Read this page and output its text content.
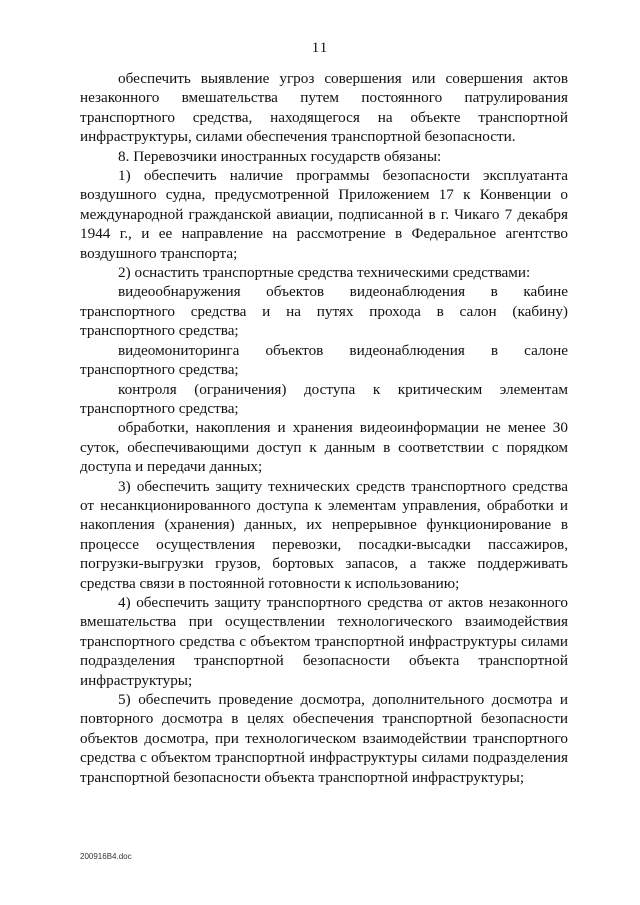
11

обеспечить выявление угроз совершения или совершения актов незаконного вмешательства путем постоянного патрулирования транспортного средства, находящегося на объекте транспортной инфраструктуры, силами обеспечения транспортной безопасности.

8. Перевозчики иностранных государств обязаны:

1) обеспечить наличие программы безопасности эксплуатанта воздушного судна, предусмотренной Приложением 17 к Конвенции о международной гражданской авиации, подписанной в г. Чикаго 7 декабря 1944 г., и ее направление на рассмотрение в Федеральное агентство воздушного транспорта;

2) оснастить транспортные средства техническими средствами:

видеообнаружения объектов видеонаблюдения в кабине транспортного средства и на путях прохода в салон (кабину) транспортного средства;

видеомониторинга объектов видеонаблюдения в салоне транспортного средства;

контроля (ограничения) доступа к критическим элементам транспортного средства;

обработки, накопления и хранения видеоинформации не менее 30 суток, обеспечивающими доступ к данным в соответствии с порядком доступа и передачи данных;

3) обеспечить защиту технических средств транспортного средства от несанкционированного доступа к элементам управления, обработки и накопления (хранения) данных, их непрерывное функционирование в процессе осуществления перевозки, посадки-высадки пассажиров, погрузки-выгрузки грузов, бортовых запасов, а также поддерживать средства связи в постоянной готовности к использованию;

4) обеспечить защиту транспортного средства от актов незаконного вмешательства при осуществлении технологического взаимодействия транспортного средства с объектом транспортной инфраструктуры силами подразделения транспортной безопасности объекта транспортной инфраструктуры;

5) обеспечить проведение досмотра, дополнительного досмотра и повторного досмотра в целях обеспечения транспортной безопасности объектов досмотра, при технологическом взаимодействии транспортного средства с объектом транспортной инфраструктуры силами подразделения транспортной безопасности объекта транспортной инфраструктуры;

200916B4.doc
